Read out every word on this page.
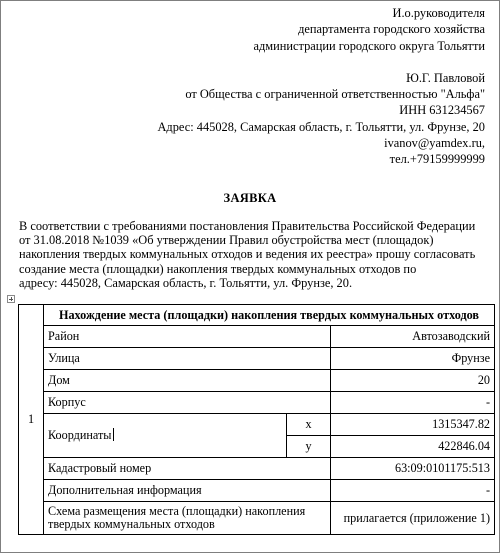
И.о.руководителя
департамента городского хозяйства
администрации городского округа Тольятти
Ю.Г. Павловой
от Общества с ограниченной ответственностью "Альфа"
ИНН 631234567
Адрес: 445028, Самарская область, г. Тольятти, ул. Фрунзе, 20
ivanov@yamdex.ru,
тел.+79159999999
ЗАЯВКА
В соответствии с требованиями постановления Правительства Российской Федерации
от 31.08.2018 №1039 «Об утверждении Правил обустройства мест (площадок)
накопления твердых коммунальных отходов и ведения их реестра» прошу согласовать
создание места (площадки) накопления твердых коммунальных отходов по
адресу: 445028, Самарская область, г. Тольятти, ул. Фрунзе, 20.
1	Нахождение места (площадки) накопления твердых коммунальных отходов		
	Район		Автозаводский
	Улица		Фрунзе
	Дом		20
	Корпус		-
	Координаты	x	1315347.82
		y	422846.04
	Кадастровый номер		63:09:0101175:513
	Дополнительная информация		-
	Схема размещения места (площадки) накопления твердых коммунальных отходов		прилагается (приложение 1)
